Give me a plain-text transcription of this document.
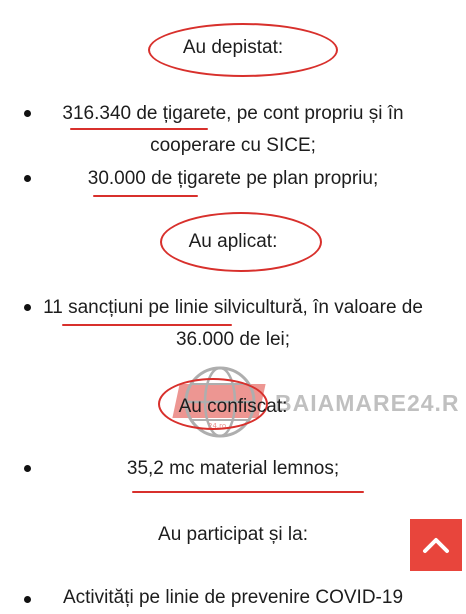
Au depistat:
316.340 de țigarete, pe cont propriu și în
cooperare cu SICE;
30.000 de țigarete pe plan propriu;
Au aplicat:
11 sancțiuni pe linie silvicultură, în valoare de
36.000 de lei;
BAIAMARE24.R
24.ro
Au confiscat:
35,2 mc material lemnos;
Au participat și la:
Activități pe linie de prevenire COVID-19
